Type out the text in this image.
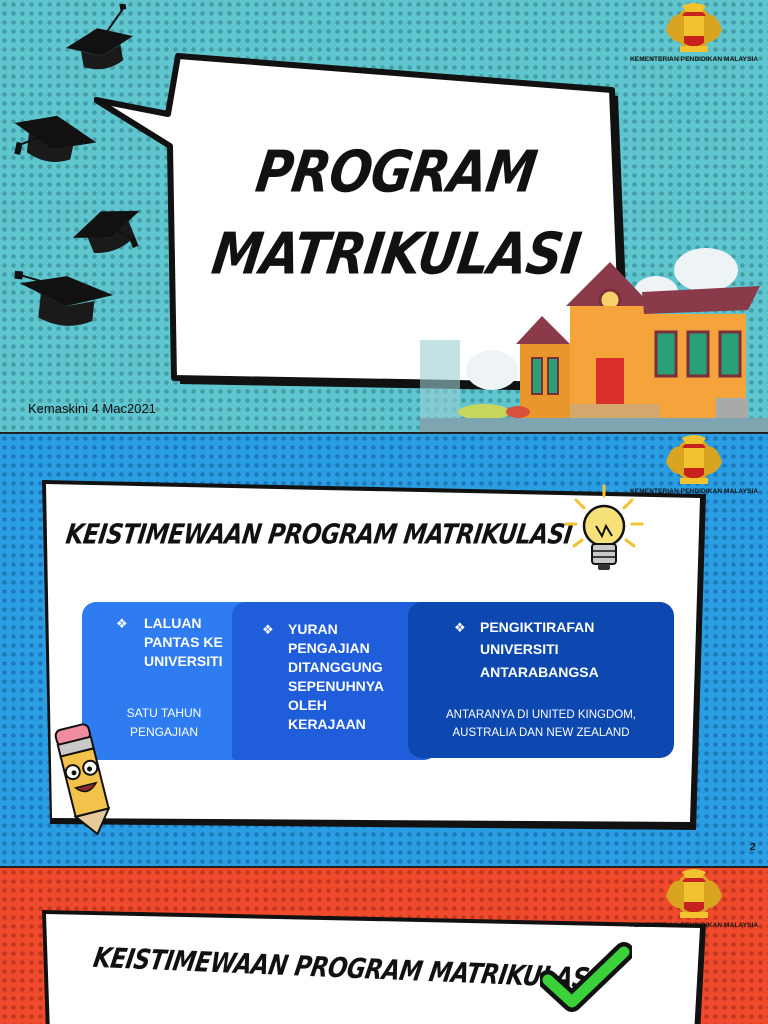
KEMENTERIAN PENDIDIKAN MALAYSIA
PROGRAM
MATRIKULASI
Kemaskini 4 Mac2021
KEMENTERIAN PENDIDIKAN MALAYSIA
KEISTIMEWAAN PROGRAM MATRIKULASI
❖ LALUAN
PANTAS KE
UNIVERSITI
SATU TAHUN
PENGAJIAN
❖ YURAN
PENGAJIAN
DITANGGUNG
SEPENUHNYA
OLEH
KERAJAAN
❖ PENGIKTIRAFAN
UNIVERSITI
ANTARABANGSA
ANTARANYA DI UNITED KINGDOM,
AUSTRALIA DAN NEW ZEALAND
2
KEMENTERIAN PENDIDIKAN MALAYSIA
KEISTIMEWAAN PROGRAM MATRIKULASI
